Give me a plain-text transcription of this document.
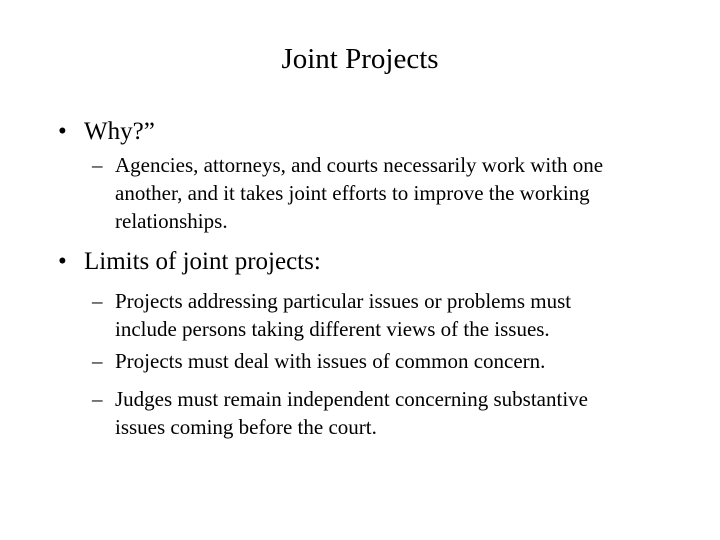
Joint Projects
• Why?”
– Agencies, attorneys, and courts necessarily work with one
another, and it takes joint efforts to improve the working
relationships.
• Limits of joint projects:
– Projects addressing particular issues or problems must
include persons taking different views of the issues.
– Projects must deal with issues of common concern.
– Judges must remain independent concerning substantive
issues coming before the court.
